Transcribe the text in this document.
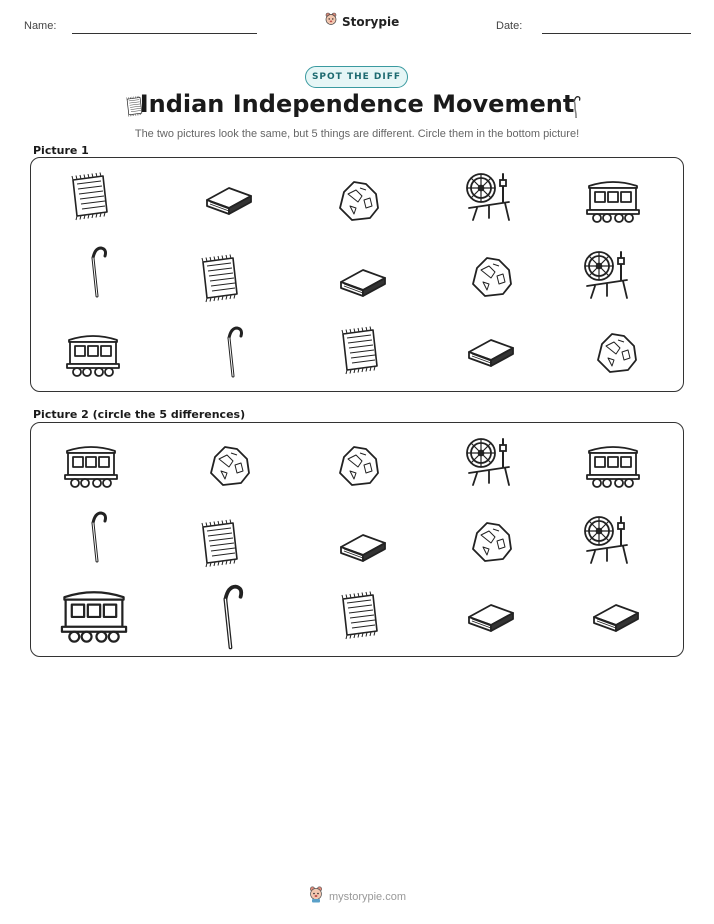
Name:	Storypie	Date:
SPOT THE DIFF
Indian Independence Movement
The two pictures look the same, but 5 things are different. Circle them in the bottom picture!
Picture 1
Picture 2 (circle the 5 differences)
mystorypie.com
